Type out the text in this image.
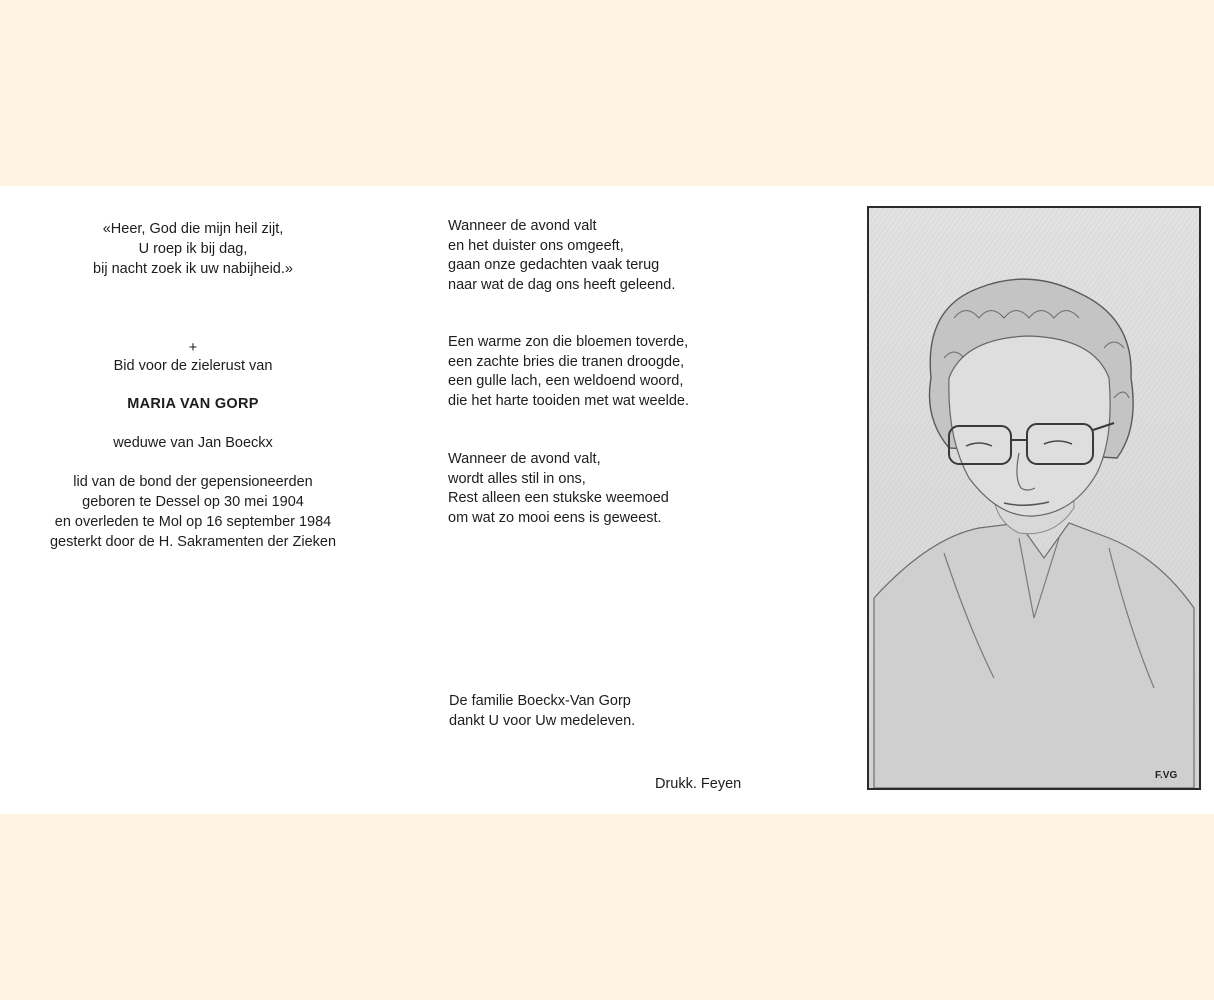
«Heer, God die mijn heil zijt,
U roep ik bij dag,
bij nacht zoek ik uw nabijheid.»
+
Bid voor de zielerust van
MARIA VAN GORP
weduwe van Jan Boeckx
lid van de bond der gepensioneerden
geboren te Dessel op 30 mei 1904
en overleden te Mol op 16 september 1984
gesterkt door de H. Sakramenten der Zieken
Wanneer de avond valt
en het duister ons omgeeft,
gaan onze gedachten vaak terug
naar wat de dag ons heeft geleend.
Een warme zon die bloemen toverde,
een zachte bries die tranen droogde,
een gulle lach, een weldoend woord,
die het harte tooiden met wat weelde.
Wanneer de avond valt,
wordt alles stil in ons,
Rest alleen een stukske weemoed
om wat zo mooi eens is geweest.
De familie Boeckx-Van Gorp
dankt U voor Uw medeleven.
Drukk. Feyen
F.VG
